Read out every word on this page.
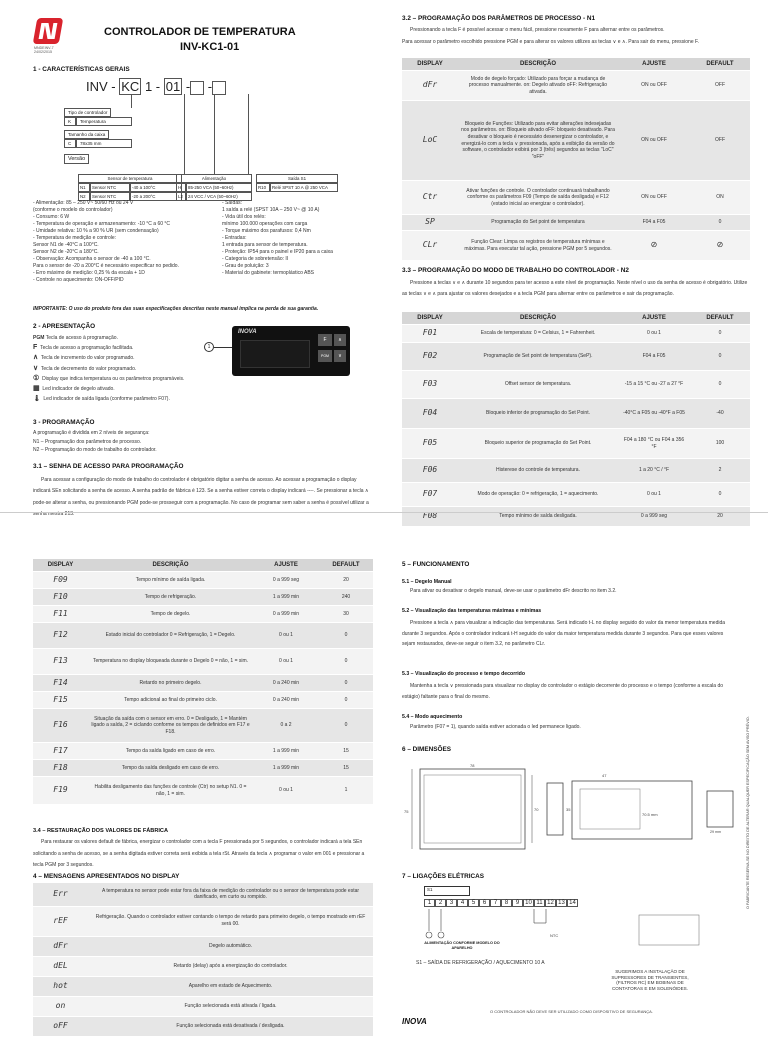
MNDEINV-7
24/02/2015
CONTROLADOR DE TEMPERATURA
INV-KC1-01
1 - CARACTERÍSTICAS GERAIS
INV - KC 1 - 01 - -
Tipo de controlador
K Temperatura
Tamanho da caixa
C 78x35 mm
Versão
Sensor de temperatura
N1	Sensor NTC	-40 a 100°C
N2	Sensor NTC	-20 a 200°C
Alimentação
H	85-250 VCA (50~60Hz)
L2	24 VCC / VCA (50~60Hz)
Saída S1
R10	Relé SPST 10 A @ 250 VCA
- Alimentação: 85 – 250 V~ 50/60 Hz ou 24 V
(conforme o modelo do controlador)
- Consumo: 6 W
- Temperatura de operação e armazenamento: -10 °C a 60 °C
- Umidade relativa: 10 % a 90 % UR (sem condensação)
- Temperatura de medição e controle:
Sensor N1 de -40°C a 100°C.
Sensor N2 de -20°C a 180°C.
- Observação: Acompanha o sensor de -40 a 100 °C.
Para o sensor de -20 a 200°C é necessário especificar no pedido.
- Erro máximo de medição: 0,25 % da escala + 1D
- Controle no aquecimento: ON-OFF/PID
- Saídas:
1 saída a relé (SPST 10A – 250 V~ @ 10 A)
- Vida útil dos relés:
mínimo 100.000 operações com carga
- Torque máximo dos parafusos: 0,4 Nm
- Entradas:
1 entrada para sensor de temperatura.
- Proteção: IP54 para o painel e IP20 para a caixa
- Categoria de sobretensão: II
- Grau de poluição: 3
- Material do gabinete: termoplástico ABS
IMPORTANTE: O uso do produto fora das suas especificações descritas neste manual implica na perda de sua garantia.
2 - APRESENTAÇÃO
PGM Tecla de acesso à programação.
F Tecla de acesso a programação facilitada.
∧ Tecla de incremento do valor programado.
∨ Tecla de decremento do valor programado.
① Display que indica temperatura ou os parâmetros programáveis.
▦ Led indicador de degelo ativado.
🌡 Led indicador de saída ligada (conforme parâmetro F07).
1
INOVA
F	∧
PGM	∨
3 - PROGRAMAÇÃO
A programação é dividida em 2 níveis de segurança:
N1 – Programação dos parâmetros de processo.
N2 – Programação do modo de trabalho do controlador.
3.1 – SENHA DE ACESSO PARA PROGRAMAÇÃO
Para acessar a configuração do modo de trabalho do controlador é obrigatório digitar a senha de acesso. Ao acessar a programação o display indicará SEn solicitando a senha de acesso. A senha padrão de fábrica é 123. Se a senha estiver correta o display indicará ----. Se pressionar a tecla ∧ pode-se alterar a senha, ou pressionando PGM pode-se prosseguir com a programação. No caso de programar sem saber a senha é possível utilizar a senha mestra 213.
3.2 – PROGRAMAÇÃO DOS PARÂMETROS DE PROCESSO - N1
Pressionando a tecla F é possível acessar o menu fácil, pressione novamente F para alternar entre os parâmetros.
Para acessar o parâmetro escolhido pressione PGM e para alterar os valores utilizes as teclas ∨ e ∧. Para sair do menu, pressione F.
DISPLAY	DESCRIÇÃO	AJUSTE	DEFAULT
dFr	Modo de degelo forçado: Utilizado para forçar a mudança de processo manualmente. on: Degelo ativado oFF: Refrigeração ativada.	ON ou OFF	OFF
LoC	Bloqueio de Funções: Utilizado para evitar alterações indesejadas nos parâmetros. on: Bloqueio ativado oFF: bloqueio desativado. Para desativar o bloqueio é necessário desenergizar o controlador, e energizá-lo com a tecla ∨ pressionada, após a exibição da versão do software, o controlador exibirá por 3 (três) segundos as teclas "LoC" "oFF"	ON ou OFF	OFF
Ctr	Ativar funções de controle. O controlador continuará trabalhando conforme os parâmetros F09 (Tempo de saída desligada) e F12 (estado inicial ao energizar o controlador).	ON ou OFF	ON
SP	Programação do Set point de temperatura	F04 a F05	0
CLr	Função Clear: Limpa os registros de temperatura mínimas e máximas. Para executar tal ação, pressione PGM por 5 segundos.	⊘	⊘
3.3 – PROGRAMAÇÃO DO MODO DE TRABALHO DO CONTROLADOR - N2
Pressione a teclas ∨ e ∧ durante 10 segundos para ter acesso a este nível de programação. Neste nível o uso da senha de acesso é obrigatório. Utilize as teclas ∨ e ∧ para ajustar os valores desejados e a tecla PGM para alternar entre os parâmetros e sair da programação.
DISPLAY	DESCRIÇÃO	AJUSTE	DEFAULT
F01	Escala de temperatura: 0 = Celsius, 1 = Fahrenheit.	0 ou 1	0
F02	Programação de Set point de temperatura (SeP).	F04 a F05	0
F03	Offset sensor de temperatura.	-15 a 15 °C ou -27 a 27 °F	0
F04	Bloqueio inferior de programação do Set Point.	-40°C a F05 ou -40°F a F05	-40
F05	Bloqueio superior de programação do Set Point.	F04 a 180 °C ou F04 a 356 °F	100
F06	Histerese do controle de temperatura.	1 a 20 °C / °F	2
F07	Modo de operação: 0 = refrigeração, 1 = aquecimento.	0 ou 1	0
F08	Tempo mínimo de saída desligada.	0 a 999 seg	20
DISPLAY	DESCRIÇÃO	AJUSTE	DEFAULT
F09	Tempo mínimo de saída ligada.	0 a 999 seg	20
F10	Tempo de refrigeração.	1 a 999 min	240
F11	Tempo de degelo.	0 a 999 min	30
F12	Estado inicial do controlador 0 = Refrigeração, 1 = Degelo.	0 ou 1	0
F13	Temperatura no display bloqueada durante o Degelo 0 = não, 1 = sim.	0 ou 1	0
F14	Retardo no primeiro degelo.	0 a 240 min	0
F15	Tempo adicional ao final do primeiro ciclo.	0 a 240 min	0
F16	Situação da saída com o sensor em erro. 0 = Desligado, 1 = Mantém ligado a saída, 2 = ciclando conforme os tempos de definidos em F17 e F18.	0 a 2	0
F17	Tempo da saída ligado em caso de erro.	1 a 999 min	15
F18	Tempo da saída desligado em caso de erro.	1 a 999 min	15
F19	Habilita desligamento das funções de controle (Ctr) no setup N1. 0 = não, 1 = sim.	0 ou 1	1
3.4 – RESTAURAÇÃO DOS VALORES DE FÁBRICA
Para restaurar os valores default de fábrica, energizar o controlador com a tecla F pressionada por 5 segundos, o controlador indicará a tela SEn solicitando a senha de acesso, se a senha digitada estiver correta será exibida a tela rSt. Através da tecla ∧ programar o valor em 001 e pressionar a tecla PGM por 3 segundos.
4 – MENSAGENS APRESENTADOS NO DISPLAY
Err	A temperatura no sensor pode estar fora da faixa de medição do controlador ou o sensor de temperatura pode estar danificado, em curto ou rompido.
rEF	Refrigeração. Quando o controlador estiver contando o tempo de retardo para primeiro degelo, o tempo mostrado em rEF será 00.
dFr	Degelo automático.
dEL	Retardo (delay) após a energização do controlador.
hot	Aparelho em estado de Aquecimento.
on	Função selecionada está ativada / ligada.
oFF	Função selecionada está desativada / desligada.
5 – FUNCIONAMENTO
5.1 – Degelo Manual
Para ativar ou desativar o degelo manual, deve-se usar o parâmetro dFr descrito no item 3.2.
5.2 – Visualização das temperaturas máximas e mínimas
Pressione a tecla ∧ para visualizar a indicação das temperaturas. Será indicado t-L no display seguido do valor da menor temperatura medida durante 3 segundos. Após o controlador indicará t-H seguido do valor da maior temperatura medida durante 3 segundos. Para que esses valores sejam restaurados, deve-se seguir o item 3.2, no parâmetro CLr.
5.3 – Visualização do processo e tempo decorrido
Mantenha a tecla ∨ pressionada para visualizar no display do controlador o estágio decorrente do processo e o tempo (conforme a escala do estágio) faltante para o final do mesmo.
5.4 – Modo aquecimento
Parâmetro (F07 = 1), quando saída estiver acionada o led permanece ligado.
6 – DIMENSÕES
75
78
70	35
47
70.5 mm
29 mm
7 – LIGAÇÕES ELÉTRICAS
S1
1	2	3	4	5	6	7	8	9 10 11 12 13 14
NTC
ALIMENTAÇÃO CONFORME MODELO DO APARELHO
S1 – SAÍDA DE REFRIGERAÇÃO / AQUECIMENTO 10 A
SUGERIMOS A INSTALAÇÃO DE SUPRESSORES DE TRANSIENTES, (FILTROS RC) EM BOBINAS DE CONTATORAS E EM SOLENÓIDES.
O CONTROLADOR NÃO DEVE SER UTILIZADO COMO DISPOSITIVO DE SEGURANÇA.
INOVA
O FABRICANTE RESERVA-SE NO DIREITO DE ALTERAR QUALQUER ESPECIFICAÇÃO SEM AVISO PRÉVIO.
